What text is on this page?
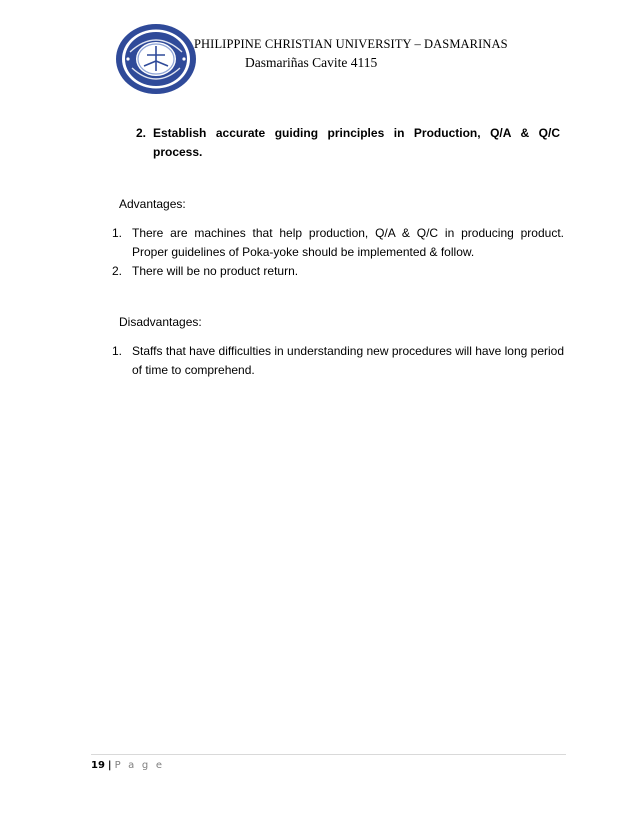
PHILIPPINE CHRISTIAN UNIVERSITY – DASMARINAS
Dasmariñas Cavite 4115
2. Establish accurate guiding principles in Production, Q/A & Q/C process.
Advantages:
1. There are machines that help production, Q/A & Q/C in producing product. Proper guidelines of Poka-yoke should be implemented & follow.
2. There will be no product return.
Disadvantages:
1. Staffs that have difficulties in understanding new procedures will have long period of time to comprehend.
19 | P a g e
